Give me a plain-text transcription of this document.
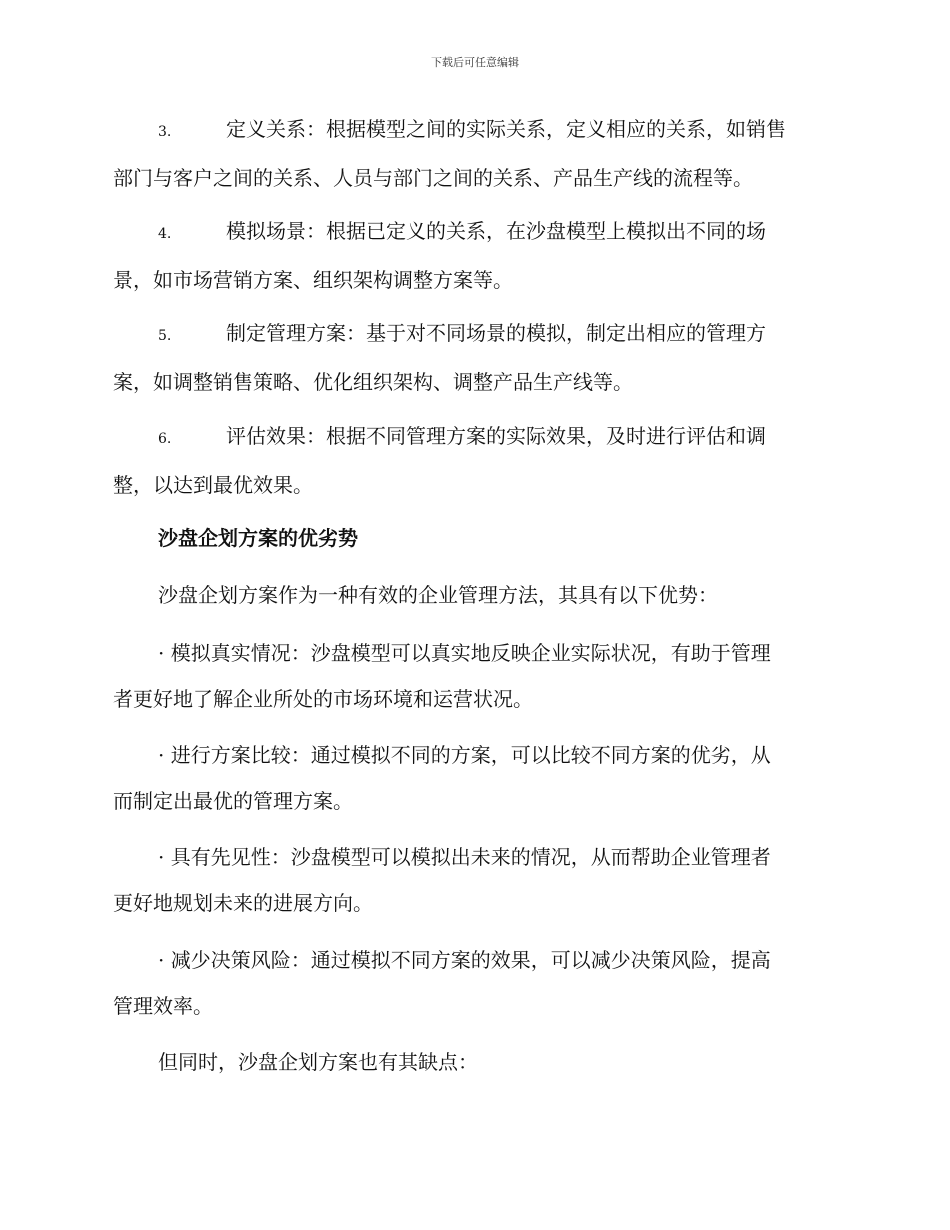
下载后可任意编辑
3.	定义关系：根据模型之间的实际关系，定义相应的关系，如销售
部门与客户之间的关系、人员与部门之间的关系、产品生产线的流程等。
4.	模拟场景：根据已定义的关系，在沙盘模型上模拟出不同的场
景，如市场营销方案、组织架构调整方案等。
5.	制定管理方案：基于对不同场景的模拟，制定出相应的管理方
案，如调整销售策略、优化组织架构、调整产品生产线等。
6.	评估效果：根据不同管理方案的实际效果，及时进行评估和调
整，以达到最优效果。
沙盘企划方案的优劣势
沙盘企划方案作为一种有效的企业管理方法，其具有以下优势：
· 模拟真实情况：沙盘模型可以真实地反映企业实际状况，有助于管理
者更好地了解企业所处的市场环境和运营状况。
· 进行方案比较：通过模拟不同的方案，可以比较不同方案的优劣，从
而制定出最优的管理方案。
· 具有先见性：沙盘模型可以模拟出未来的情况，从而帮助企业管理者
更好地规划未来的进展方向。
· 减少决策风险：通过模拟不同方案的效果，可以减少决策风险，提高
管理效率。
但同时，沙盘企划方案也有其缺点：
